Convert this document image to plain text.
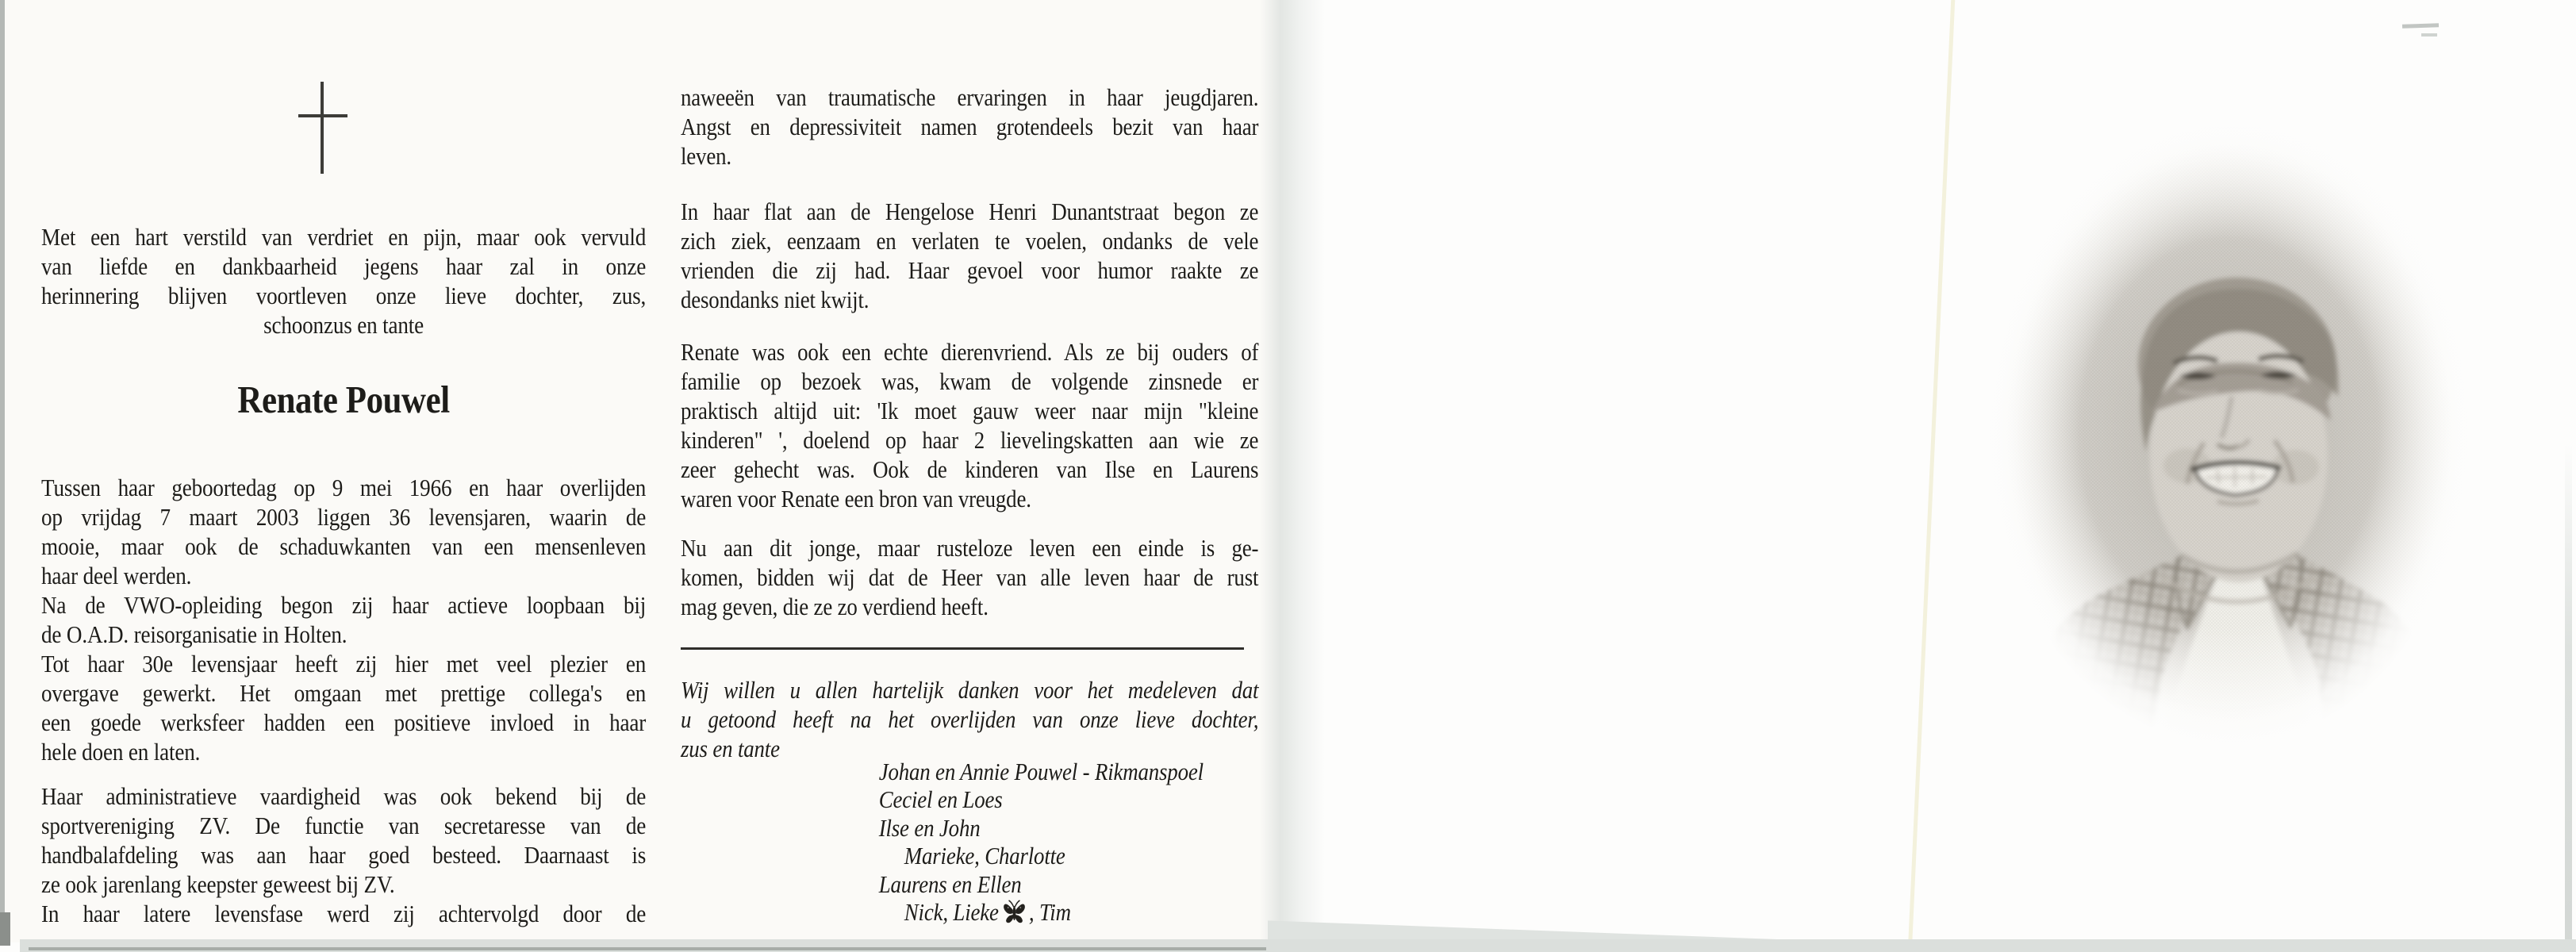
Met een hart verstild van verdriet en pijn, maar ook vervuld
van liefde en dankbaarheid jegens haar zal in onze
herinnering blijven voortleven onze lieve dochter, zus,
schoonzus en tante
Renate Pouwel
Tussen haar geboortedag op 9 mei 1966 en haar overlijden
op vrijdag 7 maart 2003 liggen 36 levensjaren, waarin de
mooie, maar ook de schaduwkanten van een mensenleven
haar deel werden.
Na de VWO-opleiding begon zij haar actieve loopbaan bij
de O.A.D. reisorganisatie in Holten.
Tot haar 30e levensjaar heeft zij hier met veel plezier en
overgave gewerkt. Het omgaan met prettige collega's en
een goede werksfeer hadden een positieve invloed in haar
hele doen en laten.
Haar administratieve vaardigheid was ook bekend bij de
sportvereniging ZV. De functie van secretaresse van de
handbalafdeling was aan haar goed besteed. Daarnaast is
ze ook jarenlang keepster geweest bij ZV.
In haar latere levensfase werd zij achtervolgd door de
naweeën van traumatische ervaringen in haar jeugdjaren.
Angst en depressiviteit namen grotendeels bezit van haar
leven.
In haar flat aan de Hengelose Henri Dunantstraat begon ze
zich ziek, eenzaam en verlaten te voelen, ondanks de vele
vrienden die zij had. Haar gevoel voor humor raakte ze
desondanks niet kwijt.
Renate was ook een echte dierenvriend. Als ze bij ouders of
familie op bezoek was, kwam de volgende zinsnede er
praktisch altijd uit: 'Ik moet gauw weer naar mijn "kleine
kinderen" ', doelend op haar 2 lievelingskatten aan wie ze
zeer gehecht was. Ook de kinderen van Ilse en Laurens
waren voor Renate een bron van vreugde.
Nu aan dit jonge, maar rusteloze leven een einde is ge-
komen, bidden wij dat de Heer van alle leven haar de rust
mag geven, die ze zo verdiend heeft.
Wij willen u allen hartelijk danken voor het medeleven dat
u getoond heeft na het overlijden van onze lieve dochter,
zus en tante
Johan en Annie Pouwel - Rikmanspoel
Ceciel en Loes
Ilse en John
Marieke, Charlotte
Laurens en Ellen
Nick, Lieke , Tim
